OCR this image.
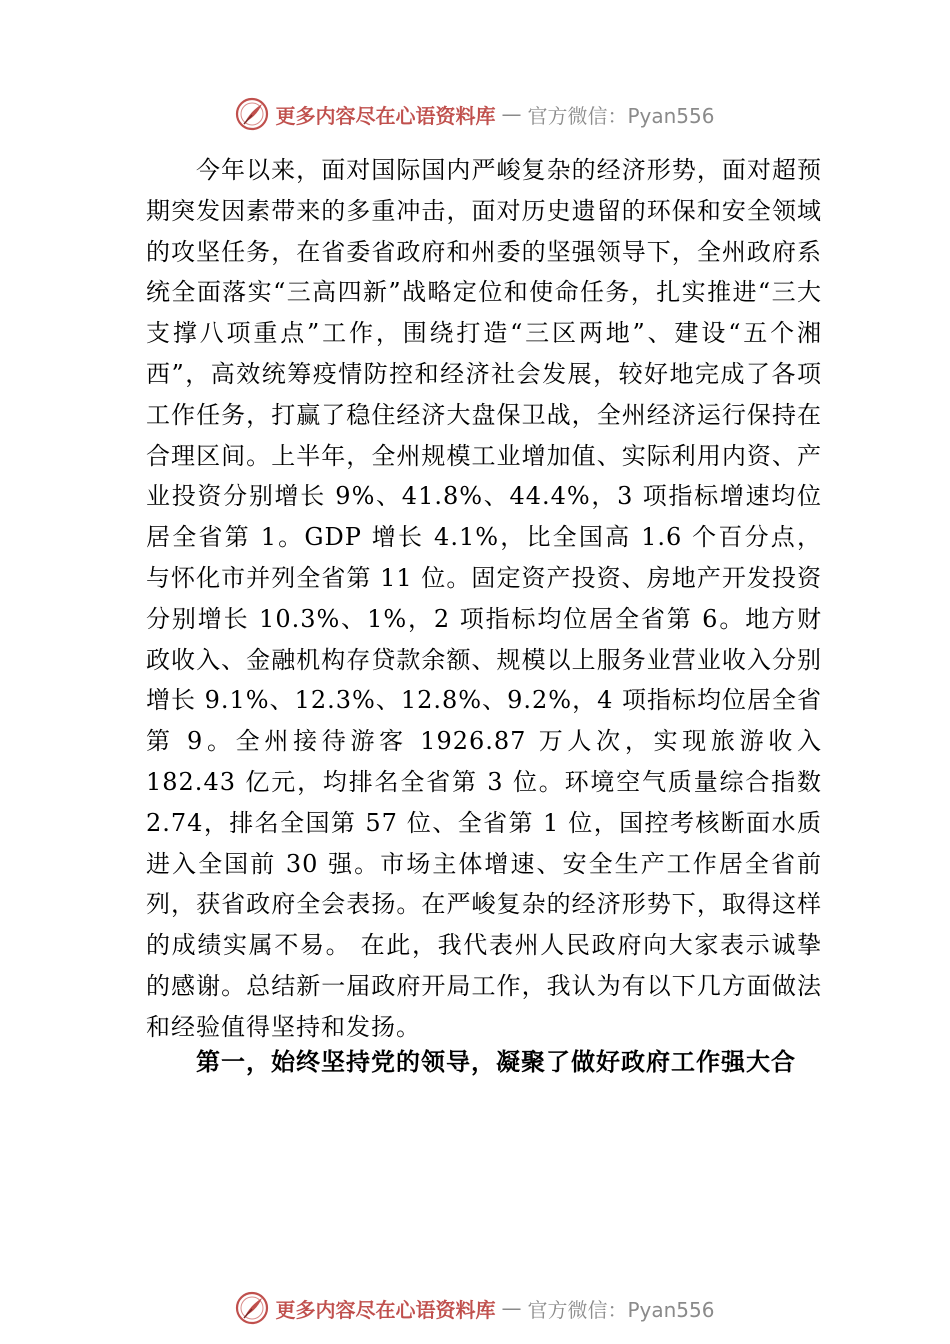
更多内容尽在心语资料库 — 官方微信：Pyan556

今年以来，面对国际国内严峻复杂的经济形势，面对超预期突发因素带来的多重冲击，面对历史遗留的环保和安全领域的攻坚任务，在省委省政府和州委的坚强领导下，全州政府系统全面落实“三高四新”战略定位和使命任务，扎实推进“三大支撑八项重点”工作，围绕打造“三区两地”、建设“五个湘西”，高效统筹疫情防控和经济社会发展，较好地完成了各项工作任务，打赢了稳住经济大盘保卫战，全州经济运行保持在合理区间。上半年，全州规模工业增加值、实际利用内资、产业投资分别增长 9%、41.8%、44.4%，3 项指标增速均位居全省第 1。GDP 增长 4.1%，比全国高 1.6 个百分点， 与怀化市并列全省第 11 位。固定资产投资、房地产开发投资分别增长 10.3%、1%，2 项指标均位居全省第 6。地方财政收入、金融机构存贷款余额、规模以上服务业营业收入分别增长 9.1%、12.3%、12.8%、9.2%，4 项指标均位居全省第 9。全州接待游客 1926.87 万人次，实现旅游收入 182.43 亿元，均排名全省第 3 位。环境空气质量综合指数 2.74，排名全国第 57 位、全省第 1 位，国控考核断面水质进入全国前 30 强。市场主体增速、安全生产工作居全省前列，获省政府全会表扬。在严峻复杂的经济形势下，取得这样的成绩实属不易。 在此，我代表州人民政府向大家表示诚挚的感谢。总结新一届政府开局工作，我认为有以下几方面做法和经验值得坚持和发扬。

第一，始终坚持党的领导，凝聚了做好政府工作强大合

更多内容尽在心语资料库 — 官方微信：Pyan556
